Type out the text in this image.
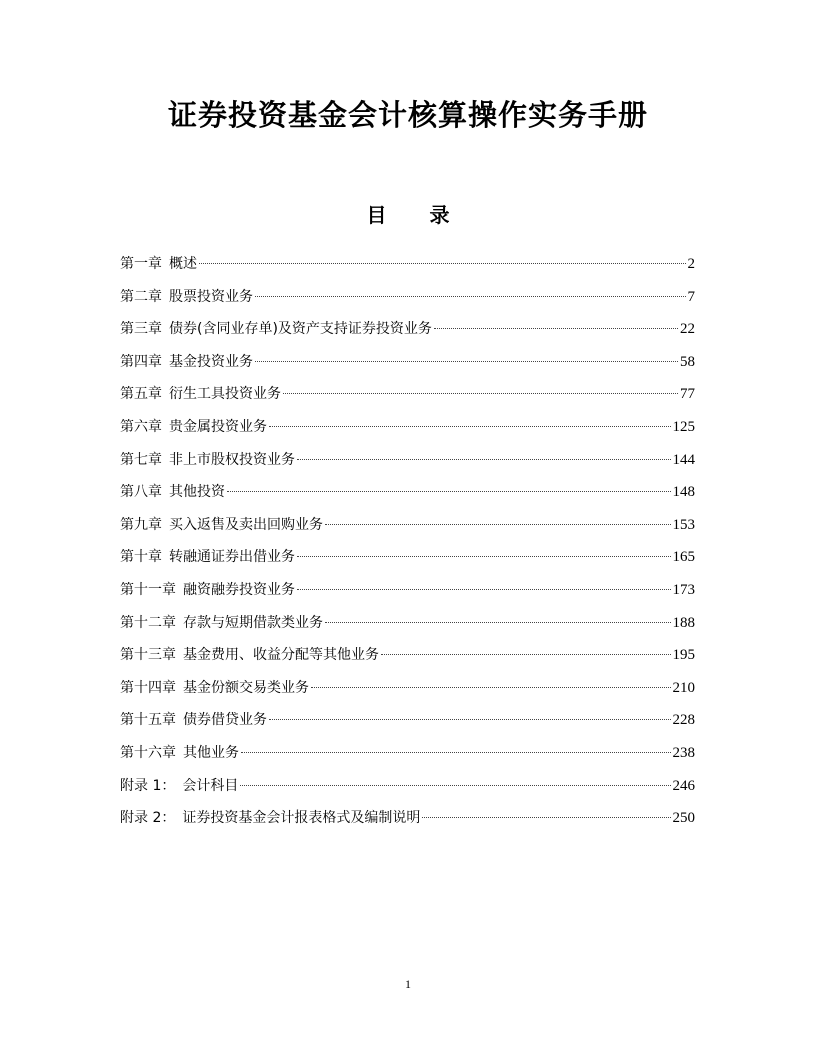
证券投资基金会计核算操作实务手册
目 录
第一章 概述	2
第二章 股票投资业务	7
第三章 债券(含同业存单)及资产支持证券投资业务	22
第四章 基金投资业务	58
第五章 衍生工具投资业务	77
第六章 贵金属投资业务	125
第七章 非上市股权投资业务	144
第八章 其他投资	148
第九章 买入返售及卖出回购业务	153
第十章 转融通证券出借业务	165
第十一章 融资融券投资业务	173
第十二章 存款与短期借款类业务	188
第十三章 基金费用、收益分配等其他业务	195
第十四章 基金份额交易类业务	210
第十五章 债券借贷业务	228
第十六章 其他业务	238
附录 1： 会计科目	246
附录 2： 证券投资基金会计报表格式及编制说明	250
1
